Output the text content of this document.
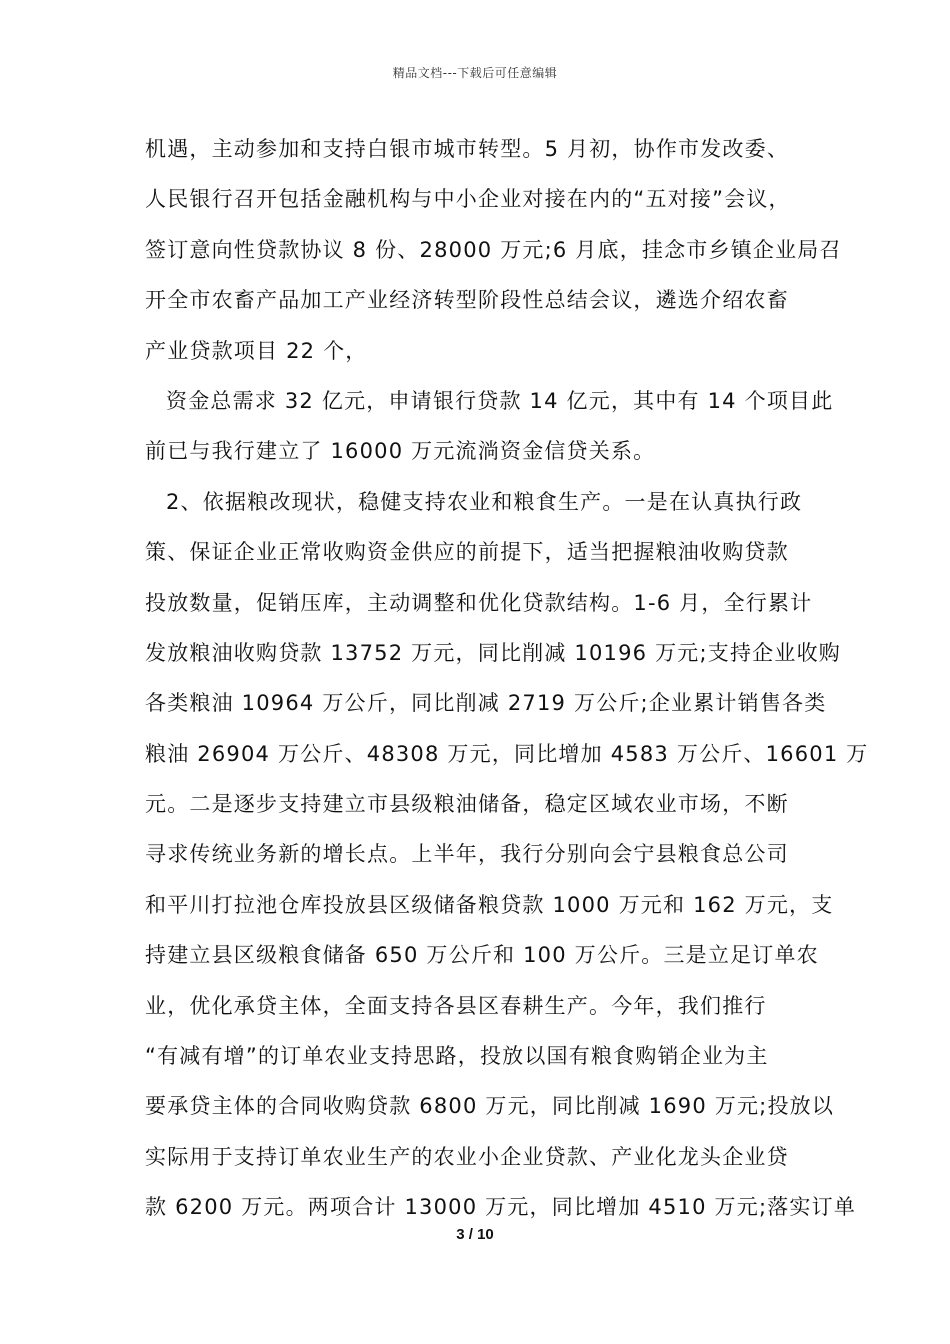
精品文档---下载后可任意编辑
机遇，主动参加和支持白银市城市转型。5 月初，协作市发改委、
人民银行召开包括金融机构与中小企业对接在内的“五对接”会议，
签订意向性贷款协议 8 份、28000 万元;6 月底，挂念市乡镇企业局召
开全市农畜产品加工产业经济转型阶段性总结会议，遴选介绍农畜
产业贷款项目 22 个，
资金总需求 32 亿元，申请银行贷款 14 亿元，其中有 14 个项目此
前已与我行建立了 16000 万元流淌资金信贷关系。
2、依据粮改现状，稳健支持农业和粮食生产。一是在认真执行政
策、保证企业正常收购资金供应的前提下，适当把握粮油收购贷款
投放数量，促销压库，主动调整和优化贷款结构。1-6 月，全行累计
发放粮油收购贷款 13752 万元，同比削减 10196 万元;支持企业收购
各类粮油 10964 万公斤，同比削减 2719 万公斤;企业累计销售各类
粮油 26904 万公斤、48308 万元，同比增加 4583 万公斤、16601 万
元。二是逐步支持建立市县级粮油储备，稳定区域农业市场，不断
寻求传统业务新的增长点。上半年，我行分别向会宁县粮食总公司
和平川打拉池仓库投放县区级储备粮贷款 1000 万元和 162 万元，支
持建立县区级粮食储备 650 万公斤和 100 万公斤。三是立足订单农
业，优化承贷主体，全面支持各县区春耕生产。今年，我们推行
“有减有增”的订单农业支持思路，投放以国有粮食购销企业为主
要承贷主体的合同收购贷款 6800 万元，同比削减 1690 万元;投放以
实际用于支持订单农业生产的农业小企业贷款、产业化龙头企业贷
款 6200 万元。两项合计 13000 万元，同比增加 4510 万元;落实订单
3 / 10
